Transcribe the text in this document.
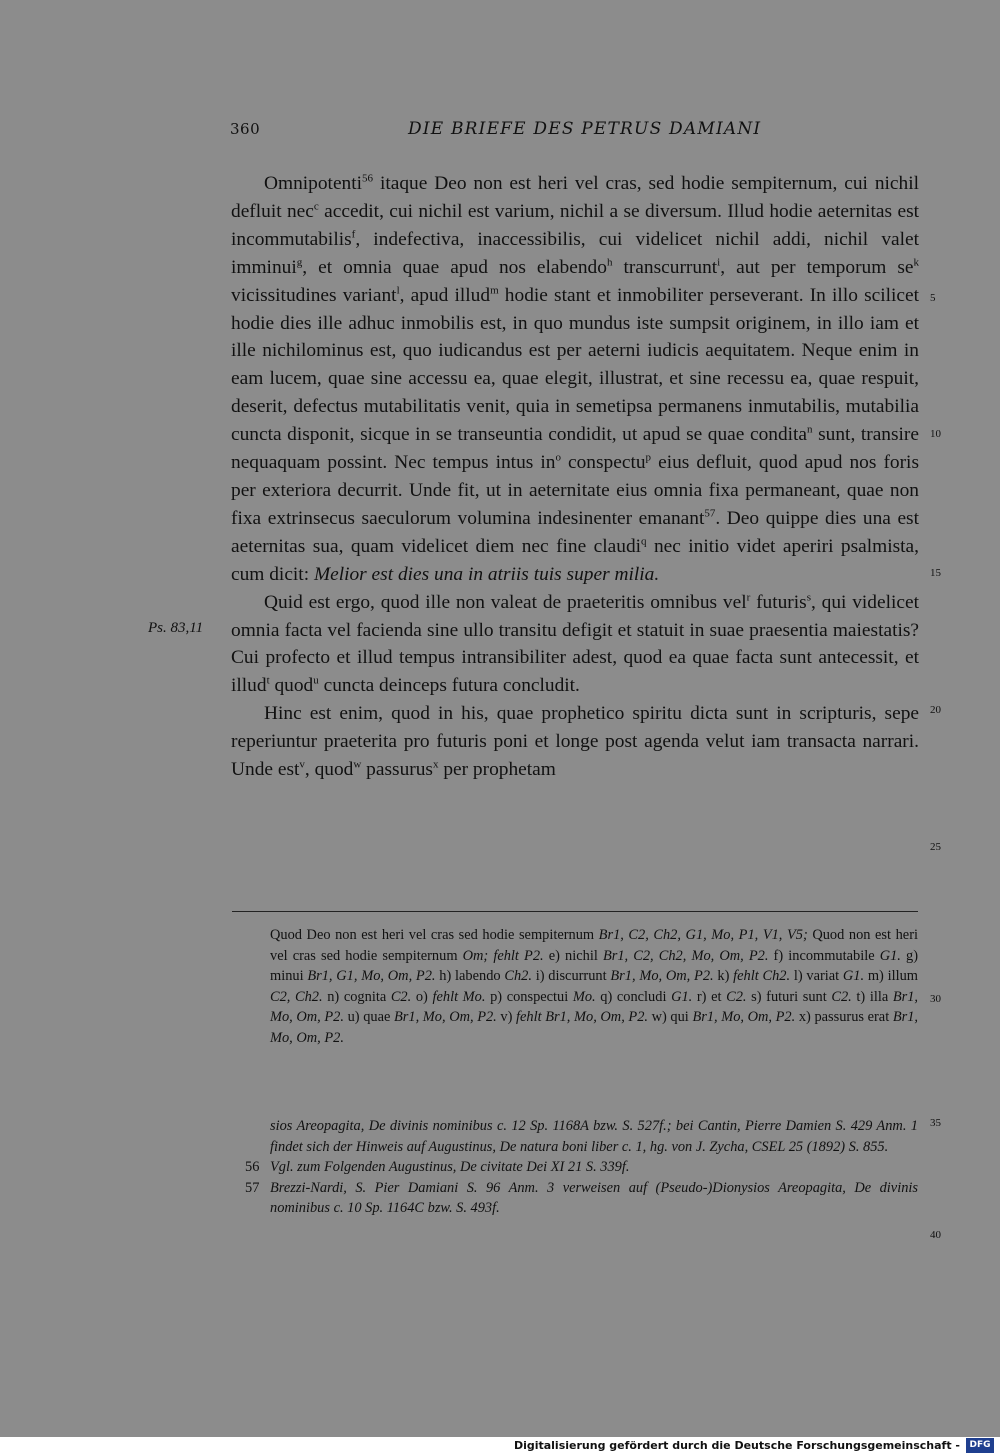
360	DIE BRIEFE DES PETRUS DAMIANI

Omnipotenti$^{56}$ itaque Deo non est heri vel cras, sed hodie sempiternum, cui nichil defluit nec$^c$ accedit, cui nichil est varium, nichil a se diversum. Illud hodie aeternitas est incommutabilis$^f$, indefectiva, inaccessibilis, cui videlicet nichil addi, nichil valet imminui$^g$, et omnia quae apud nos elabendo$^h$ transcurrunt$^i$, aut per temporum $se^k$ vicissitudines variant$^l$, apud illud$^m$ hodie stant et inmobiliter perseverant. In illo scilicet hodie dies ille adhuc inmobilis est, in quo mundus iste sumpsit originem, in illo iam et ille nichilominus est, quo iudicandus est per aeterni iudicis aequitatem. Neque enim in eam lucem, quae sine accessu ea, quae elegit, illustrat, et sine recessu ea, quae respuit, deserit, defectus mutabilitatis venit, quia in semetipsa permanens inmutabilis, mutabilia cuncta disponit, sicque in se transeuntia condidit, ut apud se quae condita$^n$ sunt, transire nequaquam possint. Nec tempus intus $in^o$ conspectu$^p$ eius defluit, quod apud nos foris per exteriora decurrit. Unde fit, ut in aeternitate eius omnia fixa permaneant, quae non fixa extrinsecus saeculorum volumina indesinenter emanant$^{57}$. Deo quippe dies una est aeternitas sua, quam videlicet diem nec fine claudi$^q$ nec initio videt aperiri psalmista, cum dicit: Melior est dies una in atriis tuis super milia.

Quid est ergo, quod ille non valeat de praeteritis omnibus vel$^r$ futuris$^s$, qui videlicet omnia facta vel facienda sine ullo transitu defigit et statuit in suae praesentia maiestatis? Cui profecto et illud tempus intransibiliter adest, quod ea quae facta sunt antecessit, et illud$^t$ quod$^u$ cuncta deinceps futura concludit.

Hinc est enim, quod in his, quae prophetico spiritu dicta sunt in scripturis, sepe reperiuntur praeterita pro futuris poni et longe post agenda velut iam transacta narrari. Unde est$^v$, quod$^w$ passurus$^x$ per prophetam

Ps. 83,11
5
10
15
20
25
30
35
40
Quod Deo non est heri vel cras sed hodie sempiternum Br1, C2, Ch2, G1, Mo, P1, V1, V5; Quod non est heri vel cras sed hodie sempiternum Om; fehlt P2. e) nichil Br1, C2, Ch2, Mo, Om, P2. f) incommutabile G1. g) minui Br1, G1, Mo, Om, P2. h) labendo Ch2. i) discurrunt Br1, Mo, Om, P2. k) fehlt Ch2. l) variat G1. m) illum C2, Ch2. n) cognita C2. o) fehlt Mo. p) conspectui Mo. q) concludi G1. r) et C2. s) futuri sunt C2. t) illa Br1, Mo, Om, P2. u) quae Br1, Mo, Om, P2. v) fehlt Br1, Mo, Om, P2. w) qui Br1, Mo, Om, P2. x) passurus erat Br1, Mo, Om, P2.
sios Areopagita, De divinis nominibus c. 12 Sp. 1168A bzw. S. 527f.; bei Cantin, Pierre Damien S. 429 Anm. 1 findet sich der Hinweis auf Augustinus, De natura boni liber c. 1, hg. von J. Zycha, CSEL 25 (1892) S. 855.
56 Vgl. zum Folgenden Augustinus, De civitate Dei XI 21 S. 339f.
57 Brezzi-Nardi, S. Pier Damiani S. 96 Anm. 3 verweisen auf (Pseudo-)Dionysios Areopagita, De divinis nominibus c. 10 Sp. 1164C bzw. S. 493f.
Digitalisierung gefördert durch die Deutsche Forschungsgemeinschaft -	DFG
